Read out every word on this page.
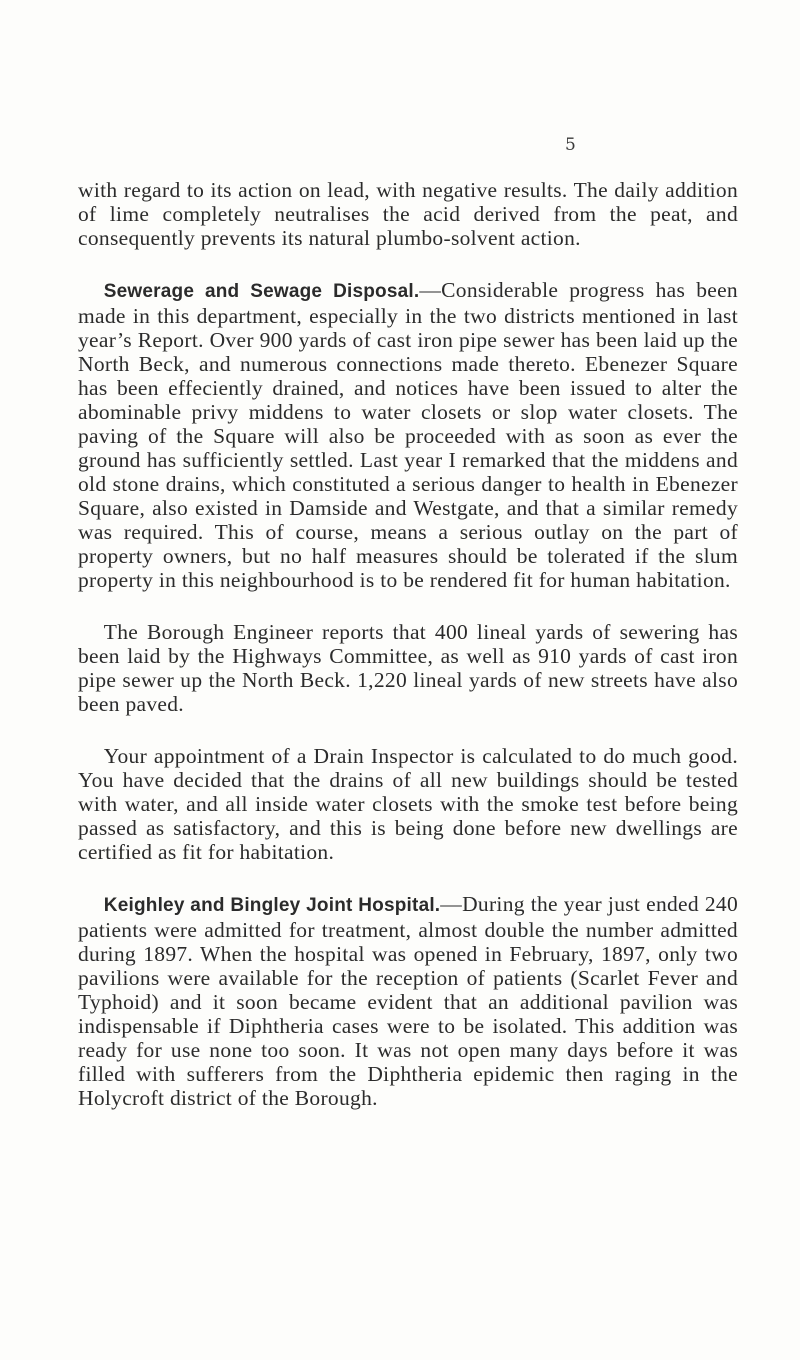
5

with regard to its action on lead, with negative results. The daily addition of lime completely neutralises the acid derived from the peat, and consequently prevents its natural plumbo-solvent action.

Sewerage and Sewage Disposal.—Considerable progress has been made in this department, especially in the two districts mentioned in last year’s Report. Over 900 yards of cast iron pipe sewer has been laid up the North Beck, and numerous connections made thereto. Ebenezer Square has been effeciently drained, and notices have been issued to alter the abominable privy middens to water closets or slop water closets. The paving of the Square will also be proceeded with as soon as ever the ground has sufficiently settled. Last year I remarked that the middens and old stone drains, which constituted a serious danger to health in Ebenezer Square, also existed in Damside and Westgate, and that a similar remedy was required. This of course, means a serious outlay on the part of property owners, but no half measures should be tolerated if the slum property in this neighbourhood is to be rendered fit for human habitation.

The Borough Engineer reports that 400 lineal yards of sewering has been laid by the Highways Committee, as well as 910 yards of cast iron pipe sewer up the North Beck. 1,220 lineal yards of new streets have also been paved.

Your appointment of a Drain Inspector is calculated to do much good. You have decided that the drains of all new buildings should be tested with water, and all inside water closets with the smoke test before being passed as satisfactory, and this is being done before new dwellings are certified as fit for habitation.

Keighley and Bingley Joint Hospital.—During the year just ended 240 patients were admitted for treatment, almost double the number admitted during 1897. When the hospital was opened in February, 1897, only two pavilions were available for the reception of patients (Scarlet Fever and Typhoid) and it soon became evident that an additional pavilion was indispensable if Diphtheria cases were to be isolated. This addition was ready for use none too soon. It was not open many days before it was filled with sufferers from the Diphtheria epidemic then raging in the Holycroft district of the Borough.
